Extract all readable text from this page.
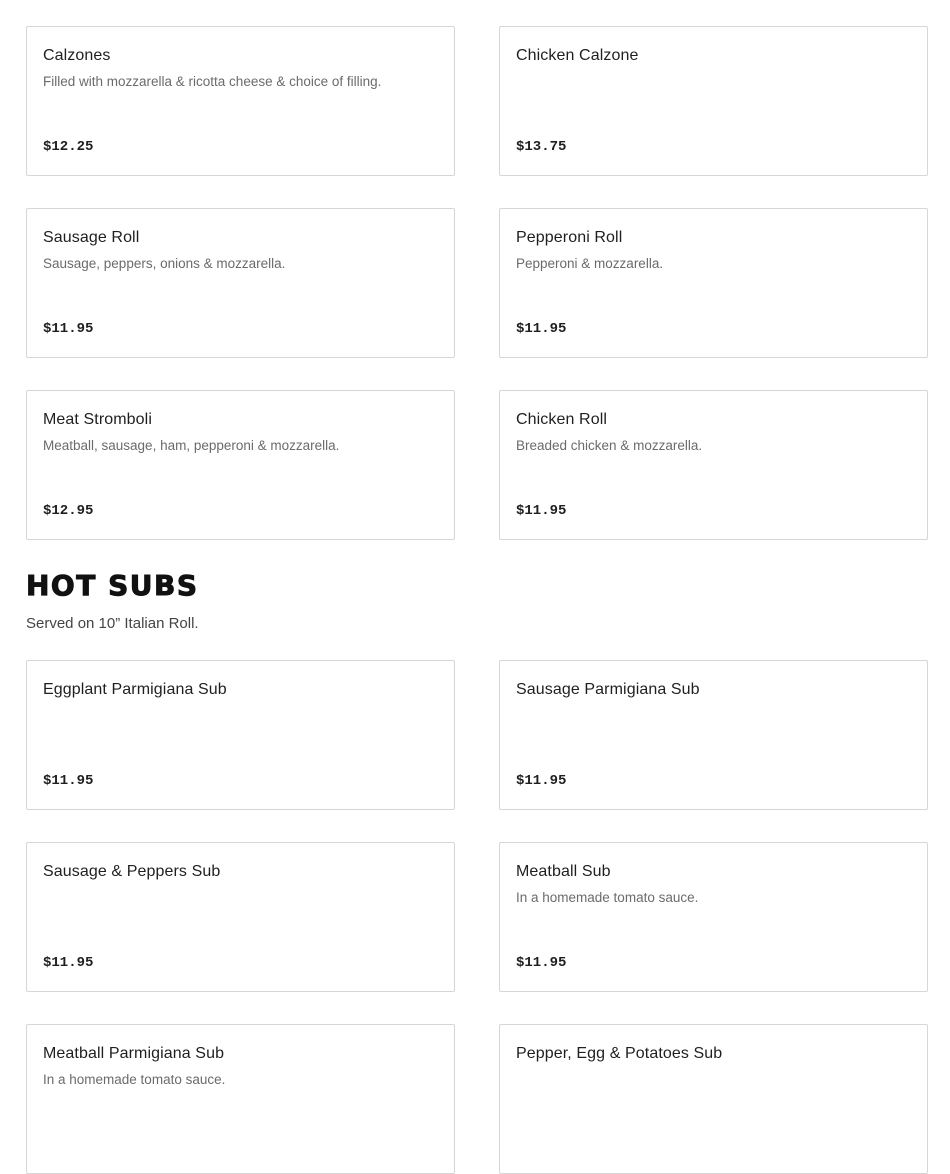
Calzones
Filled with mozzarella & ricotta cheese & choice of filling.
$12.25
Chicken Calzone
$13.75
Sausage Roll
Sausage, peppers, onions & mozzarella.
$11.95
Pepperoni Roll
Pepperoni & mozzarella.
$11.95
Meat Stromboli
Meatball, sausage, ham, pepperoni & mozzarella.
$12.95
Chicken Roll
Breaded chicken & mozzarella.
$11.95
HOT SUBS
Served on 10” Italian Roll.
Eggplant Parmigiana Sub
$11.95
Sausage Parmigiana Sub
$11.95
Sausage & Peppers Sub
$11.95
Meatball Sub
In a homemade tomato sauce.
$11.95
Meatball Parmigiana Sub
In a homemade tomato sauce.
Pepper, Egg & Potatoes Sub
